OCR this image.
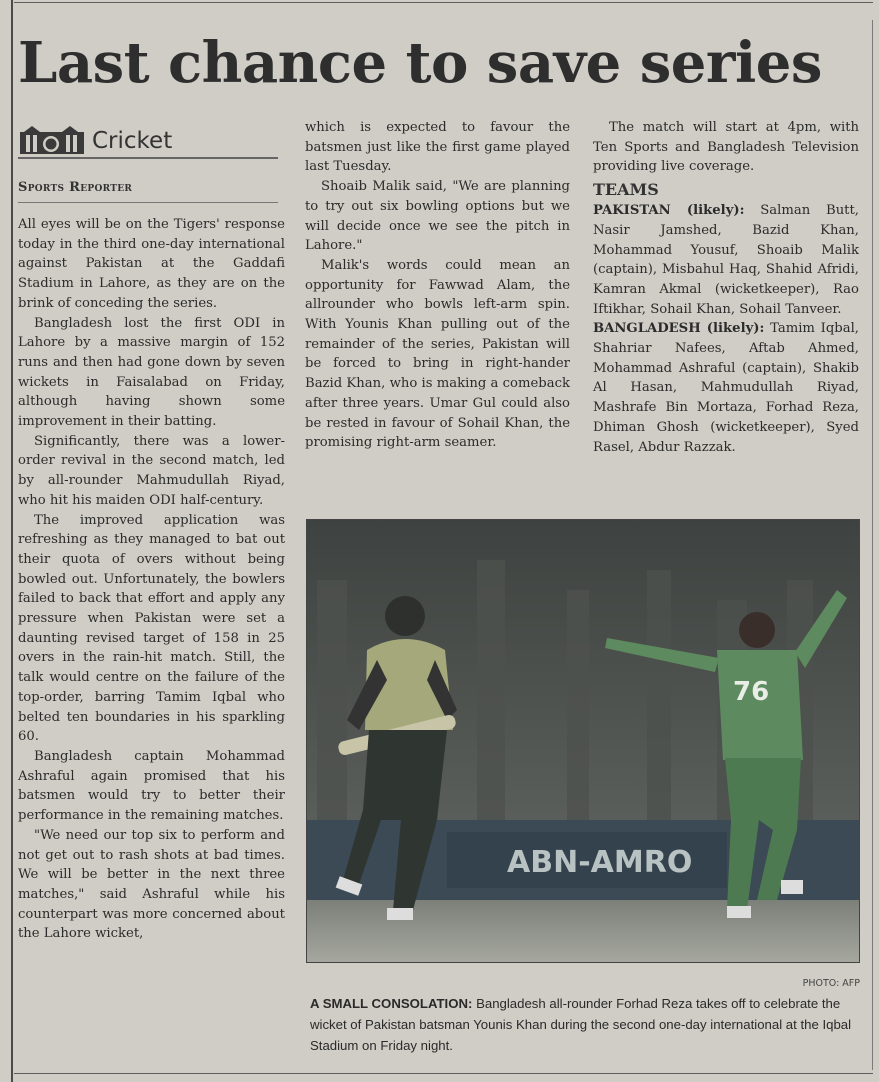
Last chance to save series
Cricket
Sports Reporter

All eyes will be on the Tigers' response today in the third one-day international against Pakistan at the Gaddafi Stadium in Lahore, as they are on the brink of conceding the series.

Bangladesh lost the first ODI in Lahore by a massive margin of 152 runs and then had gone down by seven wickets in Faisalabad on Friday, although having shown some improvement in their batting.

Significantly, there was a lower-order revival in the second match, led by all-rounder Mahmudullah Riyad, who hit his maiden ODI half-century.

The improved application was refreshing as they managed to bat out their quota of overs without being bowled out. Unfortunately, the bowlers failed to back that effort and apply any pressure when Pakistan were set a daunting revised target of 158 in 25 overs in the rain-hit match. Still, the talk would centre on the failure of the top-order, barring Tamim Iqbal who belted ten boundaries in his sparkling 60.

Bangladesh captain Mohammad Ashraful again promised that his batsmen would try to better their performance in the remaining matches.

"We need our top six to perform and not get out to rash shots at bad times. We will be better in the next three matches," said Ashraful while his counterpart was more concerned about the Lahore wicket,

which is expected to favour the batsmen just like the first game played last Tuesday.

Shoaib Malik said, "We are planning to try out six bowling options but we will decide once we see the pitch in Lahore."

Malik's words could mean an opportunity for Fawwad Alam, the allrounder who bowls left-arm spin. With Younis Khan pulling out of the remainder of the series, Pakistan will be forced to bring in right-hander Bazid Khan, who is making a comeback after three years. Umar Gul could also be rested in favour of Sohail Khan, the promising right-arm seamer.

The match will start at 4pm, with Ten Sports and Bangladesh Television providing live coverage.

TEAMS

PAKISTAN (likely): Salman Butt, Nasir Jamshed, Bazid Khan, Mohammad Yousuf, Shoaib Malik (captain), Misbahul Haq, Shahid Afridi, Kamran Akmal (wicketkeeper), Rao Iftikhar, Sohail Khan, Sohail Tanveer.

BANGLADESH (likely): Tamim Iqbal, Shahriar Nafees, Aftab Ahmed, Mohammad Ashraful (captain), Shakib Al Hasan, Mahmudullah Riyad, Mashrafe Bin Mortaza, Forhad Reza, Dhiman Ghosh (wicketkeeper), Syed Rasel, Abdur Razzak.

ABN-AMRO
76
PHOTO: AFP
A SMALL CONSOLATION: Bangladesh all-rounder Forhad Reza takes off to celebrate the wicket of Pakistan batsman Younis Khan during the second one-day international at the Iqbal Stadium on Friday night.
